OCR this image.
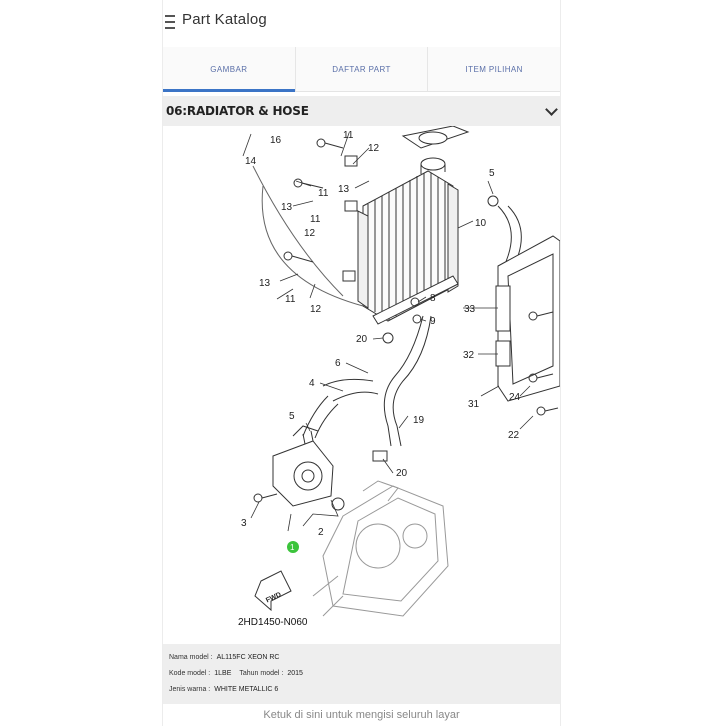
Part Katalog
GAMBAR	DAFTAR PART	ITEM PILIHAN
06:RADIATOR & HOSE
14
16	11
12
13
11
13
11
12
13
11
12
5
10
8
9
20
6
4
19
5
20
2
3
1
33
32
31
24
22
FWD
2HD1450-N060
Nama model : AL115FC XEON RC
Kode model : 1LBE Tahun model : 2015
Jenis warna : WHITE METALLIC 6
Ketuk di sini untuk mengisi seluruh layar
